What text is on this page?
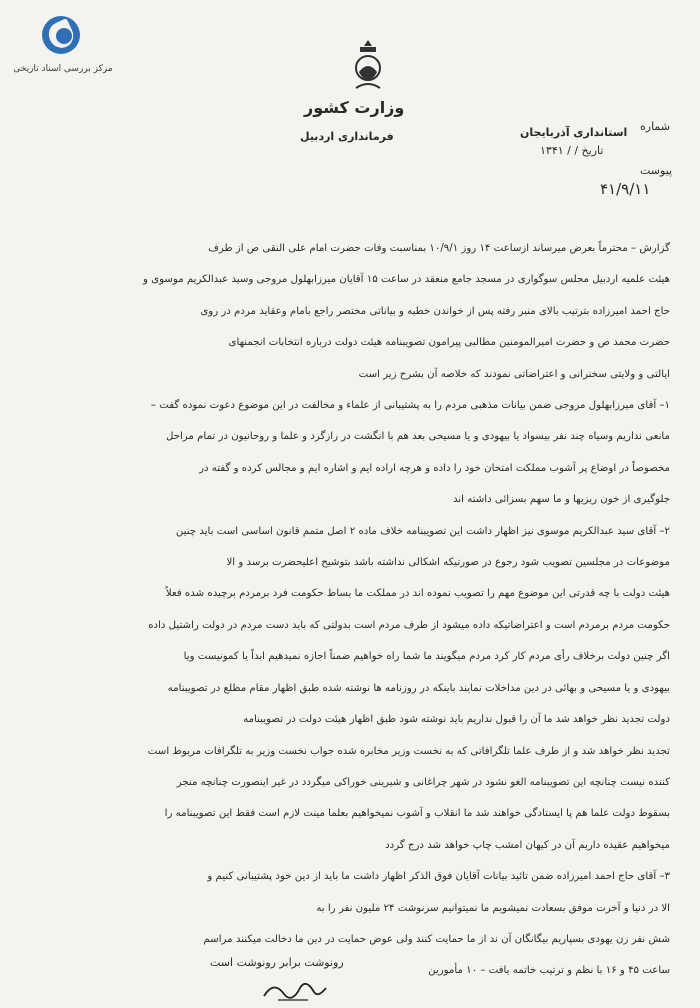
مرکز بررسی اسناد تاریخی
وزارت کشور
فرمانداری اردبیل	استانداری آذربایجان شماره
تاریخ / / ۱۳۴۱
پیوست
۴۱/۹/۱۱
گزارش – محترماً بعرض میرساند ازساعت ۱۴ روز ۱۰/۹/۱ بمناسبت وفات حضرت امام علی النقی ص از طرف
هیئت علمیه اردبیل مجلس سوگواری در مسجد جامع منعقد در ساعت ۱۵ آقایان میرزابهلول مروجی وسید عبدالکریم موسوی و
حاج احمد امیرزاده بترتیب بالای منبر رفته پس از خواندن خطبه و بیاناتی مختصر راجع بامام وعقاید مردم در روی
حضرت محمد ص و حضرت امیرالمومنین مطالبی پیرامون تصویبنامه هیئت دولت درباره انتخابات انجمنهای
ایالتی و ولایتی سخنرانی و اعتراضاتی نمودند که خلاصه آن بشرح زیر است
۱– آقای میرزابهلول مروجی ضمن بیانات مذهبی مردم را به پشتیبانی از علماء و مخالفت در این موضوع دعوت نموده گفت –
مانعی نداریم وسیاه چند نفر بیسواد یا بیهودی و یا مسیحی بعد هم با انگشت در رازگرد و علما و روحانیون در تمام مراحل
مخصوصاً در اوضاع پر آشوب مملکت امتحان خود را داده و هرچه اراده ایم و اشاره ایم و مجالس کرده و گفته در
جلوگیری از خون ریزیها و ما سهم بسزائی داشته اند
۲– آقای سید عبدالکریم موسوی نیز اظهار داشت این تصویبنامه خلاف ماده ۲ اصل متمم قانون اساسی است باید چنین
موضوعات در مجلسین تصویب شود رجوع در صورتیکه اشکالی نداشته باشد بتوشیح اعلیحضرت برسد و الا
هیئت دولت با چه قدرتی این موضوع مهم را تصویب نموده اند در مملکت ما بساط حکومت فرد برمردم برچیده شده فعلاً
حکومت مردم برمردم است و اعتراضاتیکه داده میشود از طرف مردم است بدولتی که باید دست مردم در دولت راشتیل داده
اگر چنین دولت برخلاف رأی مردم کار کرد مردم میگویند ما شما راه خواهیم ضمناً اجازه نمیدهیم ابداً یا کمونیست ویا
بیهودی و یا مسیحی و بهائی در دین مداخلات نمایند باینکه در روزنامه ها نوشته شده طبق اظهار مقام مطلع در تصویبنامه
دولت تجدید نظر خواهد شد ما آن را قبول نداریم باید نوشته شود طبق اظهار هیئت دولت در تصویبنامه
تجدید نظر خواهد شد و از طرف علما تلگرافاتی که به نخست وزیر مخابره شده جواب نخست وزیر به تلگرافات مربوط است
کننده نیست چنانچه این تصویبنامه الغو نشود در شهر چراغانی و شیرینی خوراکی میگردد در غیر اینصورت چنانچه منجر
بسقوط دولت علما هم پا ایستادگی خواهند شد ما انقلاب و آشوب نمیخواهیم بعلما مینت لازم است فقط این تصویبنامه را
میخواهیم عقیده داریم آن در کیهان امشب چاپ خواهد شد درج گردد
۳– آقای حاج احمد امیرزاده ضمن تائید بیانات آقایان فوق الذکر اظهار داشت ما باید از دین خود پشتیبانی کنیم و
الا در دنیا و آخرت موفق بسعادت نمیشویم ما نمیتوانیم سرنوشت ۲۴ ملیون نفر را به
شش نفر زن یهودی بسپاریم بیگانگان آن ند از ما حمایت کنند ولی عوض حمایت در دین ما دخالت میکنند مراسم
ساعت ۴۵ و ۱۶ با نظم و ترتیب خاتمه یافت – ۱۰ مأمورین
رونوشت برابر رونوشت است
